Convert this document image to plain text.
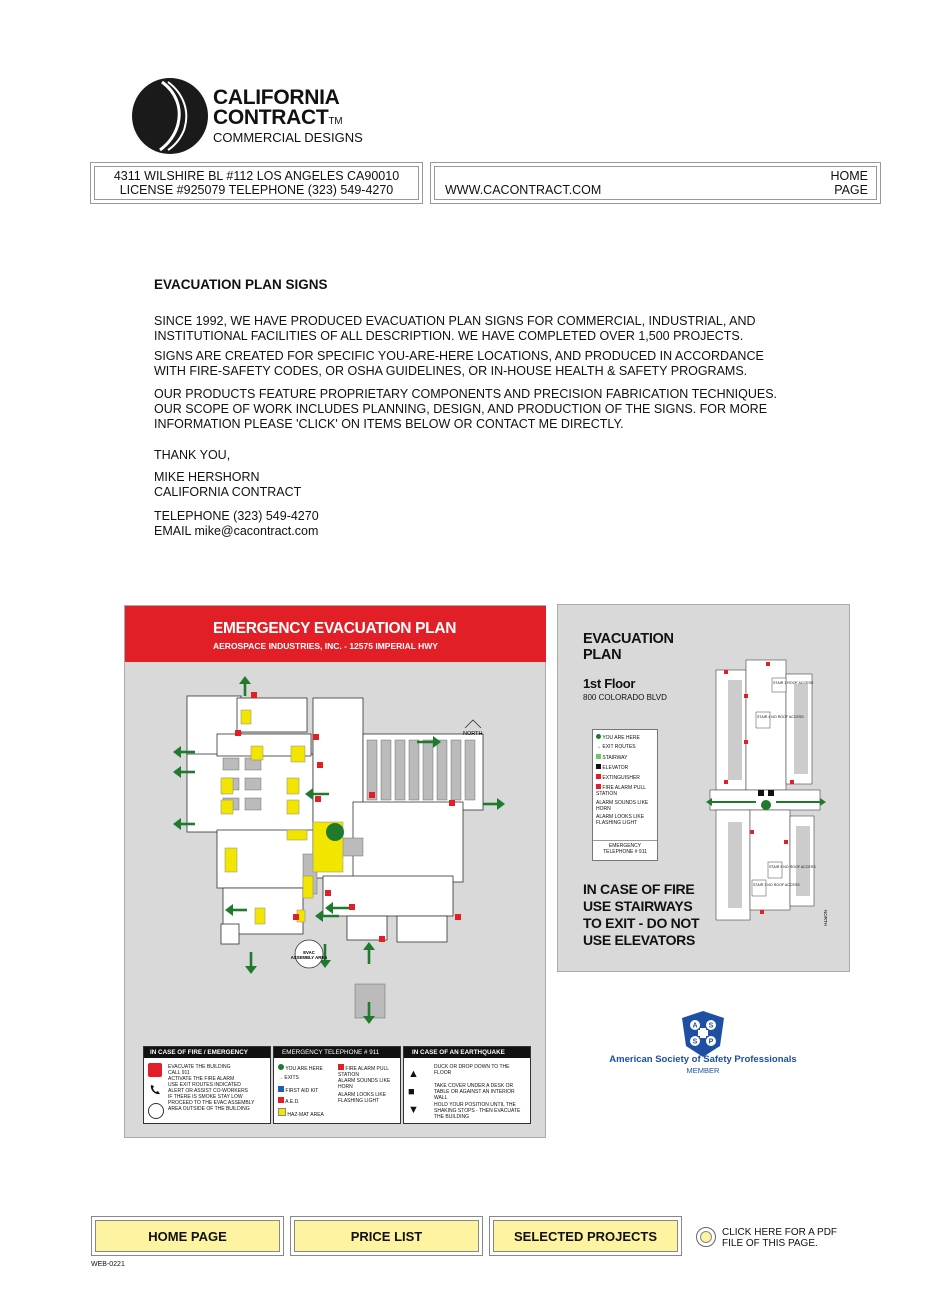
CALIFORNIA
CONTRACTTM
COMMERCIAL DESIGNS
4311 WILSHIRE BL #112 LOS ANGELES CA90010
LICENSE #925079 TELEPHONE (323) 549-4270	WWW.CACONTRACT.COM
HOME
PAGE
EVACUATION PLAN SIGNS
SINCE 1992, WE HAVE PRODUCED EVACUATION PLAN SIGNS FOR COMMERCIAL, INDUSTRIAL, AND
INSTITUTIONAL FACILITIES OF ALL DESCRIPTION. WE HAVE COMPLETED OVER 1,500 PROJECTS.
SIGNS ARE CREATED FOR SPECIFIC YOU-ARE-HERE LOCATIONS, AND PRODUCED IN ACCORDANCE
WITH FIRE-SAFETY CODES, OR OSHA GUIDELINES, OR IN-HOUSE HEALTH & SAFETY PROGRAMS.
OUR PRODUCTS FEATURE PROPRIETARY COMPONENTS AND PRECISION FABRICATION TECHNIQUES.
OUR SCOPE OF WORK INCLUDES PLANNING, DESIGN, AND PRODUCTION OF THE SIGNS. FOR MORE
INFORMATION PLEASE 'CLICK' ON ITEMS BELOW OR CONTACT ME DIRECTLY.
THANK YOU,
MIKE HERSHORN
CALIFORNIA CONTRACT
TELEPHONE (323) 549-4270
EMAIL mike@cacontract.com
EMERGENCY EVACUATION PLAN
AEROSPACE INDUSTRIES, INC. - 12575 IMPERIAL HWY
NORTH
EVAC
ASSEMBLY AREA
IN CASE OF FIRE / EMERGENCY
EVACUATE THE BUILDING
CALL 911
ACTIVATE THE FIRE ALARM
USE EXIT ROUTES INDICATED
ALERT OR ASSIST CO-WORKERS
IF THERE IS SMOKE STAY LOW
PROCEED TO THE EVAC ASSEMBLY
AREA OUTSIDE OF THE BUILDING
EMERGENCY TELEPHONE # 911
YOU ARE HERE
→ EXITS
FIRST AID KIT
A.E.D.
HAZ-MAT AREA
FIRE ALARM PULL STATION
ALARM SOUNDS LIKE HORN
ALARM LOOKS LIKE FLASHING LIGHT
IN CASE OF AN EARTHQUAKE
▲
■
▼
DUCK OR DROP DOWN TO THE FLOOR
TAKE COVER UNDER A DESK OR TABLE OR AGAINST AN INTERIOR WALL
HOLD YOUR POSITION UNTIL THE SHAKING STOPS - THEN EVACUATE THE BUILDING
EVACUATION
PLAN
1st Floor
800 COLORADO BLVD
YOU ARE HERE
→ EXIT ROUTES
STAIRWAY
ELEVATOR
EXTINGUISHER
FIRE ALARM PULL STATION
ALARM SOUNDS LIKE HORN
ALARM LOOKS LIKE FLASHING LIGHT
EMERGENCY
TELEPHONE # 911
IN CASE OF FIRE
USE STAIRWAYS
TO EXIT - DO NOT
USE ELEVATORS
STAIR 1 ROOF ACCESS
STAIR 4 NO ROOF ACCESS
STAIR 5 NO ROOF ACCESS
STAIR 3 NO ROOF ACCESS
NORTH
A S
S P
American Society of Safety Professionals
MEMBER
HOME PAGE	PRICE LIST	SELECTED PROJECTS	CLICK HERE FOR A PDF
FILE OF THIS PAGE.
WEB-0221
